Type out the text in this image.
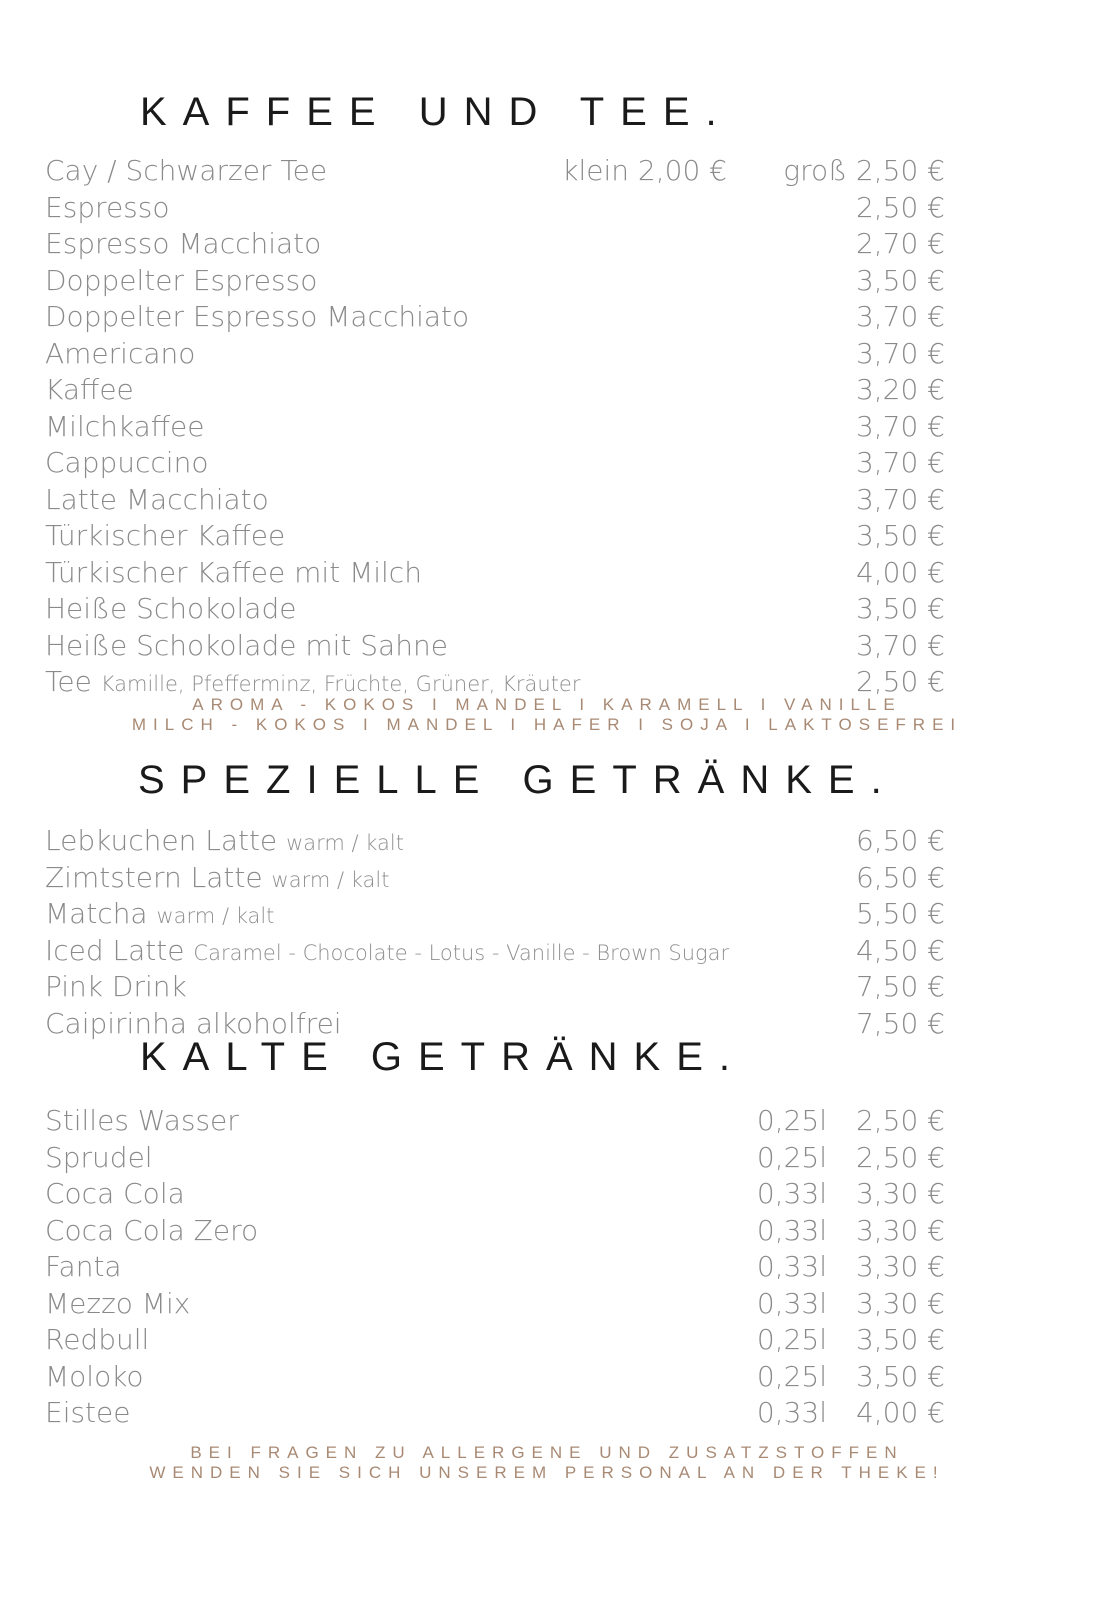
KAFFEE UND TEE.
Cay / Schwarzer Tee	klein 2,00 € groß 2,50 €
Espresso	2,50 €
Espresso Macchiato	2,70 €
Doppelter Espresso	3,50 €
Doppelter Espresso Macchiato	3,70 €
Americano	3,70 €
Kaffee	3,20 €
Milchkaffee	3,70 €
Cappuccino	3,70 €
Latte Macchiato	3,70 €
Türkischer Kaffee	3,50 €
Türkischer Kaffee mit Milch	4,00 €
Heiße Schokolade	3,50 €
Heiße Schokolade mit Sahne	3,70 €
Tee Kamille, Pfefferminz, Früchte, Grüner, Kräuter	2,50 €
AROMA - KOKOS I MANDEL I KARAMELL I VANILLE
MILCH - KOKOS I MANDEL I HAFER I SOJA I LAKTOSEFREI
SPEZIELLE GETRÄNKE.
Lebkuchen Latte warm / kalt	6,50 €
Zimtstern Latte warm / kalt	6,50 €
Matcha warm / kalt	5,50 €
Iced Latte Caramel - Chocolate - Lotus - Vanille - Brown Sugar	4,50 €
Pink Drink	7,50 €
Caipirinha alkoholfrei	7,50 €
KALTE GETRÄNKE.
Stilles Wasser	0,25l 2,50 €
Sprudel	0,25l 2,50 €
Coca Cola	0,33l 3,30 €
Coca Cola Zero	0,33l 3,30 €
Fanta	0,33l 3,30 €
Mezzo Mix	0,33l 3,30 €
Redbull	0,25l 3,50 €
Moloko	0,25l 3,50 €
Eistee	0,33l 4,00 €
BEI FRAGEN ZU ALLERGENE UND ZUSATZSTOFFEN
WENDEN SIE SICH UNSEREM PERSONAL AN DER THEKE!
